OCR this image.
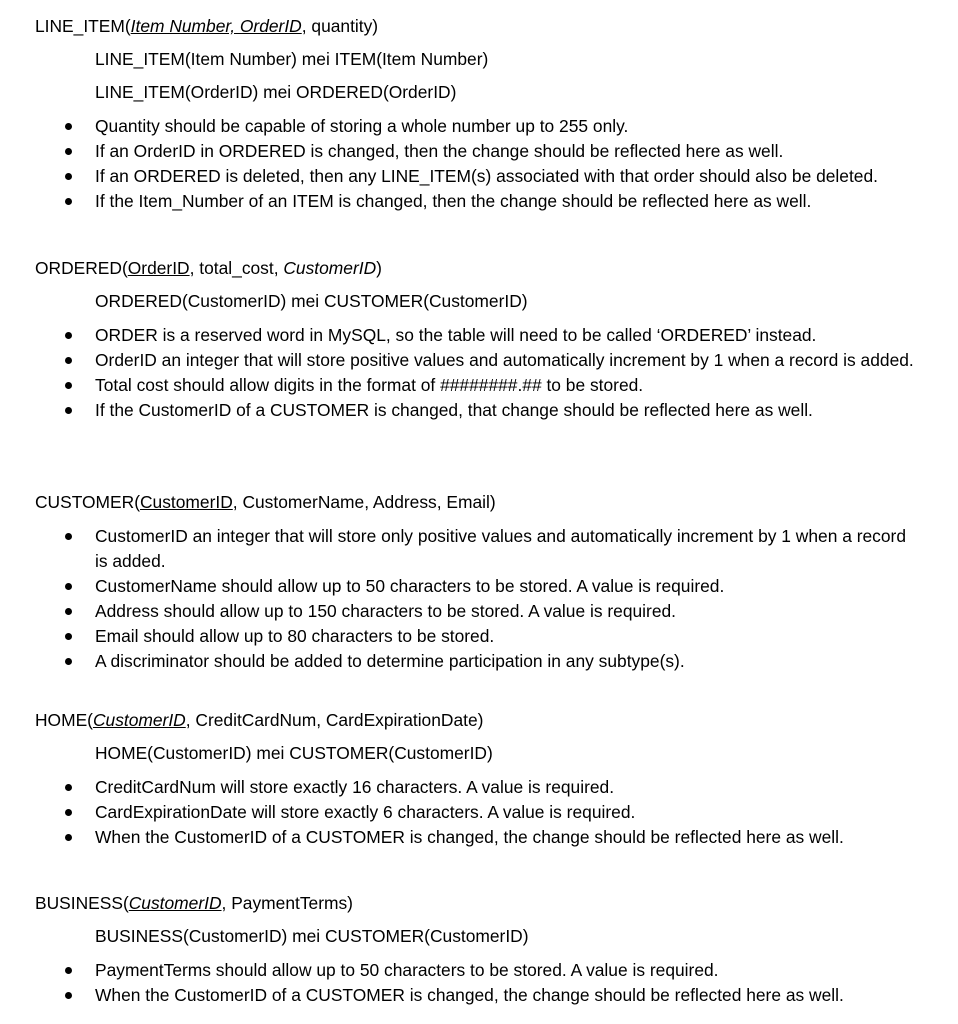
LINE_ITEM(Item Number, OrderID, quantity)
LINE_ITEM(Item Number) mei ITEM(Item Number)
LINE_ITEM(OrderID) mei ORDERED(OrderID)
Quantity should be capable of storing a whole number up to 255 only.
If an OrderID in ORDERED is changed, then the change should be reflected here as well.
If an ORDERED is deleted, then any LINE_ITEM(s) associated with that order should also be deleted.
If the Item_Number of an ITEM is changed, then the change should be reflected here as well.
ORDERED(OrderID, total_cost, CustomerID)
ORDERED(CustomerID) mei CUSTOMER(CustomerID)
ORDER is a reserved word in MySQL, so the table will need to be called ‘ORDERED’ instead.
OrderID an integer that will store positive values and automatically increment by 1 when a record is added.
Total cost should allow digits in the format of ########.## to be stored.
If the CustomerID of a CUSTOMER is changed, that change should be reflected here as well.
CUSTOMER(CustomerID, CustomerName, Address, Email)
CustomerID an integer that will store only positive values and automatically increment by 1 when a record is added.
CustomerName should allow up to 50 characters to be stored. A value is required.
Address should allow up to 150 characters to be stored. A value is required.
Email should allow up to 80 characters to be stored.
A discriminator should be added to determine participation in any subtype(s).
HOME(CustomerID, CreditCardNum, CardExpirationDate)
HOME(CustomerID) mei CUSTOMER(CustomerID)
CreditCardNum will store exactly 16 characters. A value is required.
CardExpirationDate will store exactly 6 characters. A value is required.
When the CustomerID of a CUSTOMER is changed, the change should be reflected here as well.
BUSINESS(CustomerID, PaymentTerms)
BUSINESS(CustomerID) mei CUSTOMER(CustomerID)
PaymentTerms should allow up to 50 characters to be stored. A value is required.
When the CustomerID of a CUSTOMER is changed, the change should be reflected here as well.
